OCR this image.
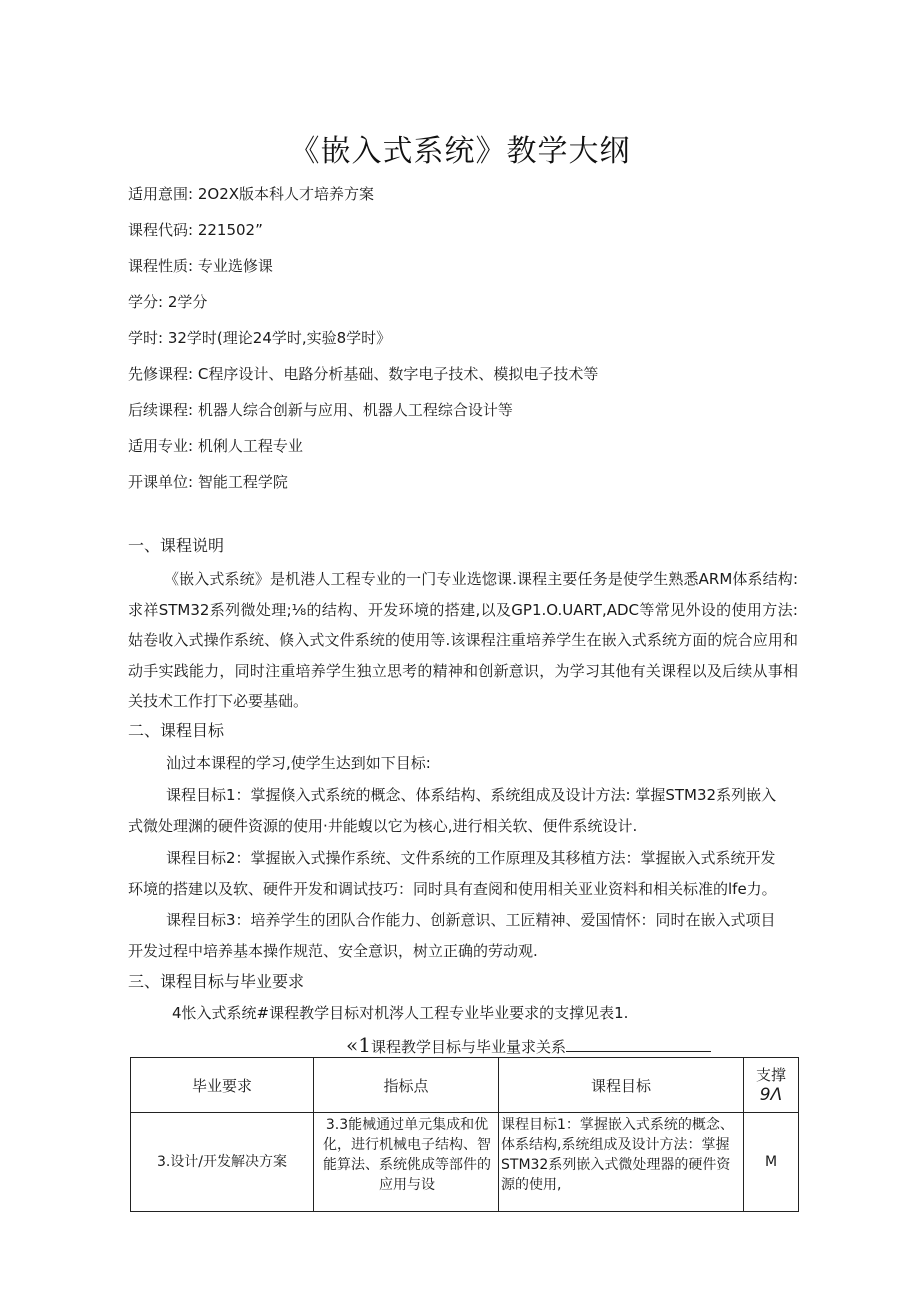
《嵌入式系统》教学大纲
适用意围: 2O2X版本科人才培养方案
课程代码: 221502”
课程性质: 专业选修课
学分: 2学分
学时: 32学时(理论24学时,实验8学时》
先修课程: C程序设计、电路分析基础、数字电子技术、模拟电子技术等
后续课程: 机器人综合创新与应用、机器人工程综合设计等
适用专业: 机俐人工程专业
开课单位: 智能工程学院
一、课程说明

《嵌入式系统》是机港人工程专业的一门专业选惚课.课程主要任务是使学生熟悉ARM体系结构: 求祥STM32系列微处理;⅛的结构、开发环境的搭建,以及GP1.O.UART,ADC等常见外设的使用方法: 姑卷收入式操作系统、倏入式文件系统的使用等.该课程注重培养学生在嵌入式系统方面的烷合应用和动手实践能力，同时注重培养学生独立思考的精神和创新意识，为学习其他有关课程以及后续从事相关技术工作打下必要基础。

二、课程目标
汕过本课程的学习,使学生达到如下目标:
课程目标1：掌握倏入式系统的概念、体系结构、系统组成及设计方法: 掌握STM32系列嵌入
式微处理渊的硬件资源的使用·井能蝮以它为核心,进行相关软、便件系统设计.
课程目标2：掌握嵌入式操作系统、文件系统的工作原理及其移植方法：掌握嵌入式系统开发
环境的搭建以及软、硬件开发和调试技巧：同时具有查阅和使用相关亚业资料和相关标准的lfe力。
课程目标3：培养学生的团队合作能力、创新意识、工匠精神、爱国情怀：同时在嵌入式项目
开发过程中培养基本操作规范、安全意识，树立正确的劳动观.
三、课程目标与毕业要求
4怅入式系统#课程教学目标对机涔人工程专业毕业要求的支撑见表1.
«1课程教学目标与毕业量求关系
毕业要求	指标点	课程目标	支撑
9Λ

3.设计/开发解决方案	3.3能械通过单元集成和优化，进行机械电子结构、智能算法、系统佻成等部件的应用与设	课程目标1：掌握嵌入式系统的概念、体系结构,系统组成及设计方法：掌握STM32系列嵌入式微处理器的硬件资源的使用,	M
